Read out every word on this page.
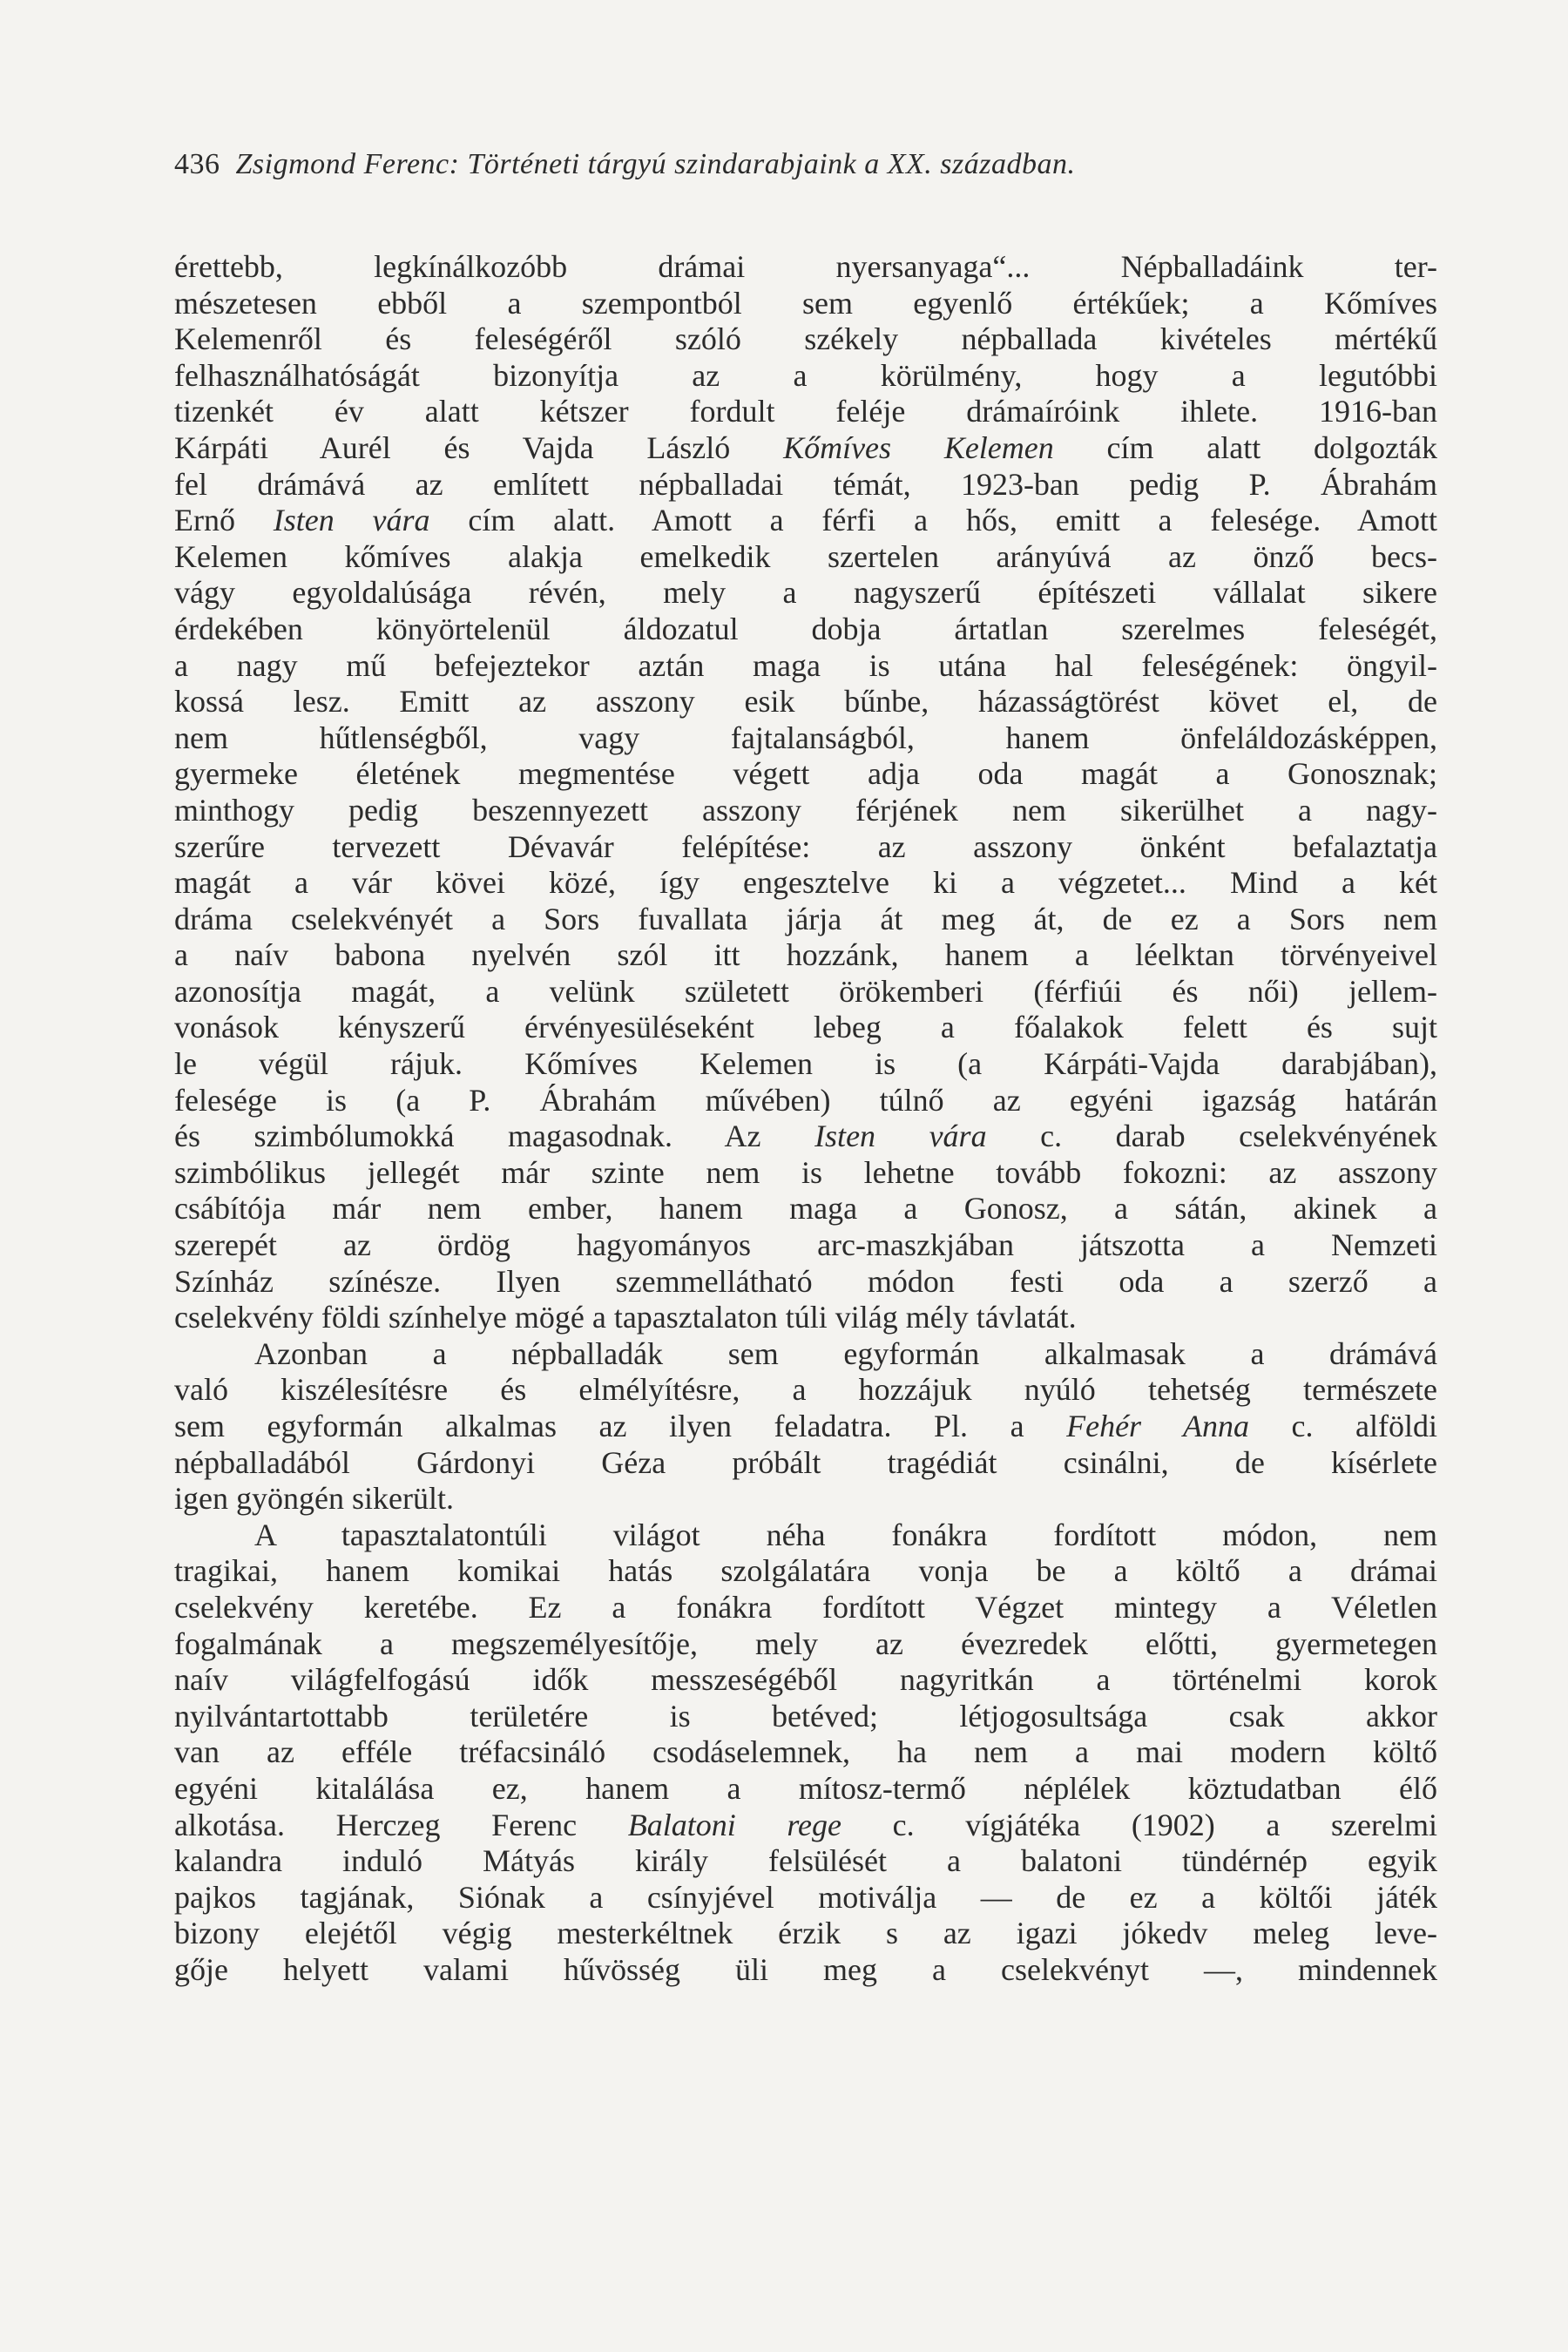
436 Zsigmond Ferenc: Történeti tárgyú szindarabjaink a XX. században.
érettebb, legkínálkozóbb drámai nyersanyaga“... Népballadáink ter-
mészetesen ebből a szempontból sem egyenlő értékűek; a Kőmíves
Kelemenről és feleségéről szóló székely népballada kivételes mértékű
felhasználhatóságát bizonyítja az a körülmény, hogy a legutóbbi
tizenkét év alatt kétszer fordult feléje drámaíróink ihlete. 1916-ban
Kárpáti Aurél és Vajda László Kőmíves Kelemen cím alatt dolgozták
fel drámává az említett népballadai témát, 1923-ban pedig P. Ábrahám
Ernő Isten vára cím alatt. Amott a férfi a hős, emitt a felesége. Amott
Kelemen kőmíves alakja emelkedik szertelen arányúvá az önző becs-
vágy egyoldalúsága révén, mely a nagyszerű építészeti vállalat sikere
érdekében könyörtelenül áldozatul dobja ártatlan szerelmes feleségét,
a nagy mű befejeztekor aztán maga is utána hal feleségének: öngyil-
kossá lesz. Emitt az asszony esik bűnbe, házasságtörést követ el, de
nem hűtlenségből, vagy fajtalanságból, hanem önfeláldozásképpen,
gyermeke életének megmentése végett adja oda magát a Gonosznak;
minthogy pedig beszennyezett asszony férjének nem sikerülhet a nagy-
szerűre tervezett Dévavár felépítése: az asszony önként befalaztatja
magát a vár kövei közé, így engesztelve ki a végzetet... Mind a két
dráma cselekvényét a Sors fuvallata járja át meg át, de ez a Sors nem
a naív babona nyelvén szól itt hozzánk, hanem a léelktan törvényeivel
azonosítja magát, a velünk született örökemberi (férfiúi és női) jellem-
vonások kényszerű érvényesüléseként lebeg a főalakok felett és sujt
le végül rájuk. Kőmíves Kelemen is (a Kárpáti-Vajda darabjában),
felesége is (a P. Ábrahám művében) túlnő az egyéni igazság határán
és szimbólumokká magasodnak. Az Isten vára c. darab cselekvényének
szimbólikus jellegét már szinte nem is lehetne tovább fokozni: az asszony
csábítója már nem ember, hanem maga a Gonosz, a sátán, akinek a
szerepét az ördög hagyományos arc-maszkjában játszotta a Nemzeti
Színház színésze. Ilyen szemmellátható módon festi oda a szerző a
cselekvény földi színhelye mögé a tapasztalaton túli világ mély távlatát.
Azonban a népballadák sem egyformán alkalmasak a drámává
való kiszélesítésre és elmélyítésre, a hozzájuk nyúló tehetség természete
sem egyformán alkalmas az ilyen feladatra. Pl. a Fehér Anna c. alföldi
népballadából Gárdonyi Géza próbált tragédiát csinálni, de kísérlete
igen gyöngén sikerült.
A tapasztalatontúli világot néha fonákra fordított módon, nem
tragikai, hanem komikai hatás szolgálatára vonja be a költő a drámai
cselekvény keretébe. Ez a fonákra fordított Végzet mintegy a Véletlen
fogalmának a megszemélyesítője, mely az évezredek előtti, gyermetegen
naív világfelfogású idők messzeségéből nagyritkán a történelmi korok
nyilvántartottabb területére is betéved; létjogosultsága csak akkor
van az efféle tréfacsináló csodáselemnek, ha nem a mai modern költő
egyéni kitalálása ez, hanem a mítosz-termő néplélek köztudatban élő
alkotása. Herczeg Ferenc Balatoni rege c. vígjátéka (1902) a szerelmi
kalandra induló Mátyás király felsülését a balatoni tündérnép egyik
pajkos tagjának, Siónak a csínyjével motiválja — de ez a költői játék
bizony elejétől végig mesterkéltnek érzik s az igazi jókedv meleg leve-
gője helyett valami hűvösség üli meg a cselekvényt —, mindennek
